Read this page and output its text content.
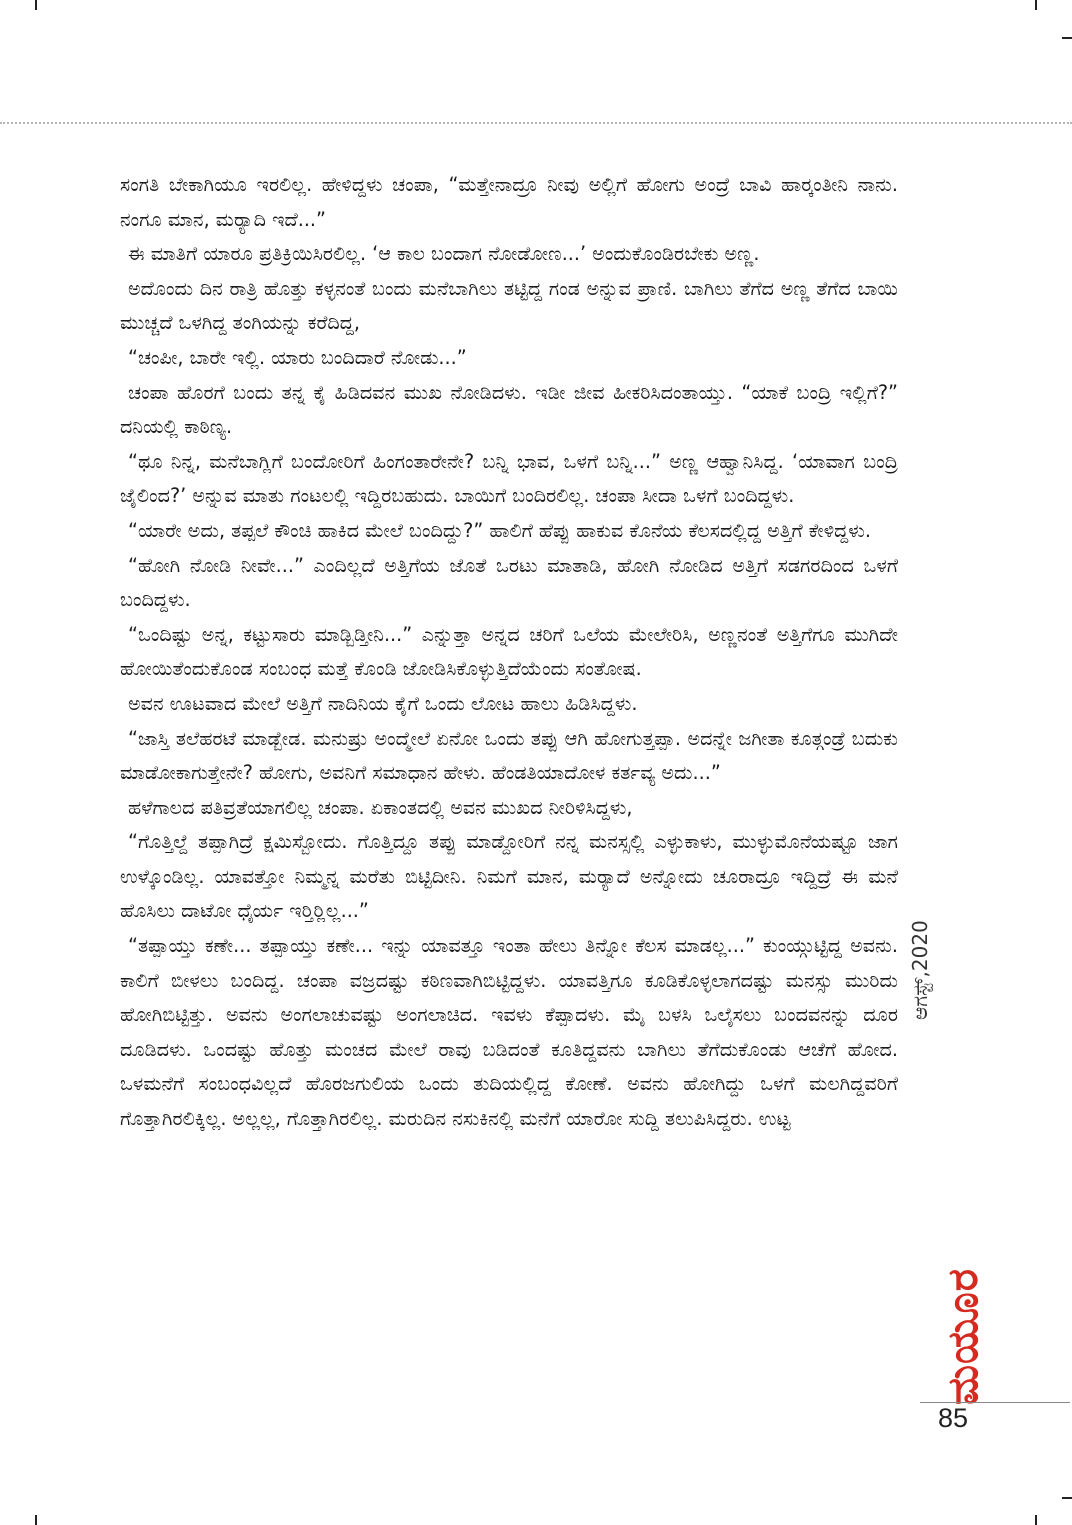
ಸಂಗತಿ ಬೇಕಾಗಿಯೂ ಇರಲಿಲ್ಲ. ಹೇಳಿದ್ದಳು ಚಂಪಾ, “ಮತ್ತೇನಾದ್ರೂ ನೀವು ಅಲ್ಲಿಗೆ ಹೋಗು ಅಂದ್ರೆ ಬಾವಿ ಹಾರ್‍ಕಂತೀನಿ ನಾನು. ನಂಗೂ ಮಾನ, ಮರ್‍ಯಾದಿ ಇದೆ...”

ಈ ಮಾತಿಗೆ ಯಾರೂ ಪ್ರತಿಕ್ರಿಯಿಸಿರಲಿಲ್ಲ. ‘ಆ ಕಾಲ ಬಂದಾಗ ನೋಡೋಣ...’ ಅಂದುಕೊಂಡಿರಬೇಕು ಅಣ್ಣ.

ಅದೊಂದು ದಿನ ರಾತ್ರಿ ಹೊತ್ತು ಕಳ್ಳನಂತೆ ಬಂದು ಮನೆಬಾಗಿಲು ತಟ್ಟಿದ್ದ ಗಂಡ ಅನ್ನುವ ಪ್ರಾಣಿ. ಬಾಗಿಲು ತೆಗೆದ ಅಣ್ಣ ತೆಗೆದ ಬಾಯಿ ಮುಚ್ಚದೆ ಒಳಗಿದ್ದ ತಂಗಿಯನ್ನು ಕರೆದಿದ್ದ,

“ಚಂಪೀ, ಬಾರೇ ಇಲ್ಲಿ. ಯಾರು ಬಂದಿದಾರೆ ನೋಡು...”

ಚಂಪಾ ಹೊರಗೆ ಬಂದು ತನ್ನ ಕೈ ಹಿಡಿದವನ ಮುಖ ನೋಡಿದಳು. ಇಡೀ ಜೀವ ಹೀಕರಿಸಿದಂತಾಯ್ತು. “ಯಾಕೆ ಬಂದ್ರಿ ಇಲ್ಲಿಗೆ?” ದನಿಯಲ್ಲಿ ಕಾಠಿಣ್ಯ.

“ಥೂ ನಿನ್ನ, ಮನೆಬಾಗ್ಲಿಗೆ ಬಂದೋರಿಗೆ ಹಿಂಗಂತಾರೇನೇ? ಬನ್ನಿ ಭಾವ, ಒಳಗೆ ಬನ್ನಿ...” ಅಣ್ಣ ಆಹ್ವಾನಿಸಿದ್ದ. ‘ಯಾವಾಗ ಬಂದ್ರಿ ಜೈಲಿಂದ?’ ಅನ್ನುವ ಮಾತು ಗಂಟಲಲ್ಲಿ ಇದ್ದಿರಬಹುದು. ಬಾಯಿಗೆ ಬಂದಿರಲಿಲ್ಲ. ಚಂಪಾ ಸೀದಾ ಒಳಗೆ ಬಂದಿದ್ದಳು.

“ಯಾರೇ ಅದು, ತಪ್ಪಲೆ ಕೌಂಚಿ ಹಾಕಿದ ಮೇಲೆ ಬಂದಿದ್ದು?” ಹಾಲಿಗೆ ಹೆಪ್ಪು ಹಾಕುವ ಕೊನೆಯ ಕೆಲಸದಲ್ಲಿದ್ದ ಅತ್ತಿಗೆ ಕೇಳಿದ್ದಳು.

“ಹೋಗಿ ನೋಡಿ ನೀವೇ...” ಎಂದಿಲ್ಲದೆ ಅತ್ತಿಗೆಯ ಜೊತೆ ಒರಟು ಮಾತಾಡಿ, ಹೋಗಿ ನೋಡಿದ ಅತ್ತಿಗೆ ಸಡಗರದಿಂದ ಒಳಗೆ ಬಂದಿದ್ದಳು.

“ಒಂದಿಷ್ಟು ಅನ್ನ, ಕಟ್ಟುಸಾರು ಮಾಡ್ಬಿಡ್ತೀನಿ...” ಎನ್ನುತ್ತಾ ಅನ್ನದ ಚರಿಗೆ ಒಲೆಯ ಮೇಲೇರಿಸಿ, ಅಣ್ಣನಂತೆ ಅತ್ತಿಗೆಗೂ ಮುಗಿದೇ ಹೋಯಿತೆಂದುಕೊಂಡ ಸಂಬಂಧ ಮತ್ತೆ ಕೊಂಡಿ ಜೋಡಿಸಿಕೊಳ್ಳುತ್ತಿದೆಯೆಂದು ಸಂತೋಷ.

ಅವನ ಊಟವಾದ ಮೇಲೆ ಅತ್ತಿಗೆ ನಾದಿನಿಯ ಕೈಗೆ ಒಂದು ಲೋಟ ಹಾಲು ಹಿಡಿಸಿದ್ದಳು.

“ಜಾಸ್ತಿ ತಲೆಹರಟೆ ಮಾಡ್ಬೇಡ. ಮನುಷ್ರು ಅಂದ್ಮೇಲೆ ಏನೋ ಒಂದು ತಪ್ಪು ಆಗಿ ಹೋಗುತ್ತಪ್ಪಾ. ಅದನ್ನೇ ಜಗೀತಾ ಕೂತ್ಗಂಡ್ರೆ ಬದುಕು ಮಾಡೋಕಾಗುತ್ತೇನೇ? ಹೋಗು, ಅವನಿಗೆ ಸಮಾಧಾನ ಹೇಳು. ಹೆಂಡತಿಯಾದೋಳ ಕರ್ತವ್ಯ ಅದು...”

ಹಳೆಗಾಲದ ಪತಿವ್ರತೆಯಾಗಲಿಲ್ಲ ಚಂಪಾ. ಏಕಾಂತದಲ್ಲಿ ಅವನ ಮುಖದ ನೀರಿಳಿಸಿದ್ದಳು,

“ಗೊತ್ತಿಲ್ದೆ ತಪ್ಪಾಗಿದ್ರೆ ಕ್ಷಮಿಸ್ಬೋದು. ಗೊತ್ತಿದ್ದೂ ತಪ್ಪು ಮಾಡ್ದೋರಿಗೆ ನನ್ನ ಮನಸ್ಸಲ್ಲಿ ಎಳ್ಳುಕಾಳು, ಮುಳ್ಳುಮೊನೆಯಷ್ಟೂ ಜಾಗ ಉಳ್ಕೊಂಡಿಲ್ಲ. ಯಾವತ್ತೋ ನಿಮ್ಮನ್ನ ಮರೆತು ಬಿಟ್ಟಿದೀನಿ. ನಿಮಗೆ ಮಾನ, ಮರ್‍ಯಾದೆ ಅನ್ನೋದು ಚೂರಾದ್ರೂ ಇದ್ದಿದ್ರೆ ಈ ಮನೆ ಹೊಸಿಲು ದಾಟೋ ಧೈರ್ಯ ಇರ್‍ತಿರ್‍ಲಿಲ್ಲ...”

“ತಪ್ಪಾಯ್ತು ಕಣೇ... ತಪ್ಪಾಯ್ತು ಕಣೇ... ಇನ್ನು ಯಾವತ್ತೂ ಇಂತಾ ಹೇಲು ತಿನ್ನೋ ಕೆಲಸ ಮಾಡಲ್ಲ...” ಕುಂಯ್ಗುಟ್ಟಿದ್ದ ಅವನು. ಕಾಲಿಗೆ ಬೀಳಲು ಬಂದಿದ್ದ. ಚಂಪಾ ವಜ್ರದಷ್ಟು ಕಠಿಣವಾಗಿಬಿಟ್ಟಿದ್ದಳು. ಯಾವತ್ತಿಗೂ ಕೂಡಿಕೊಳ್ಳಲಾಗದಷ್ಟು ಮನಸ್ಸು ಮುರಿದು ಹೋಗಿಬಿಟ್ಟಿತ್ತು. ಅವನು ಅಂಗಲಾಚುವಷ್ಟು ಅಂಗಲಾಚಿದ. ಇವಳು ಕೆಪ್ಪಾದಳು. ಮೈ ಬಳಸಿ ಒಲೈಸಲು ಬಂದವನನ್ನು ದೂರ ದೂಡಿದಳು. ಒಂದಷ್ಟು ಹೊತ್ತು ಮಂಚದ ಮೇಲೆ ರಾವು ಬಡಿದಂತೆ ಕೂತಿದ್ದವನು ಬಾಗಿಲು ತೆಗೆದುಕೊಂಡು ಆಚೆಗೆ ಹೋದ. ಒಳಮನೆಗೆ ಸಂಬಂಧವಿಲ್ಲದೆ ಹೊರಜಗುಲಿಯ ಒಂದು ತುದಿಯಲ್ಲಿದ್ದ ಕೋಣೆ. ಅವನು ಹೋಗಿದ್ದು ಒಳಗೆ ಮಲಗಿದ್ದವರಿಗೆ ಗೊತ್ತಾಗಿರಲಿಕ್ಕಿಲ್ಲ. ಅಲ್ಲಲ್ಲ, ಗೊತ್ತಾಗಿರಲಿಲ್ಲ. ಮರುದಿನ ನಸುಕಿನಲ್ಲಿ ಮನೆಗೆ ಯಾರೋ ಸುದ್ದಿ ತಲುಪಿಸಿದ್ದರು. ಉಟ್ಟ

ಆಗಸ್ಟ್,2020
ಮಯೂರ
85
